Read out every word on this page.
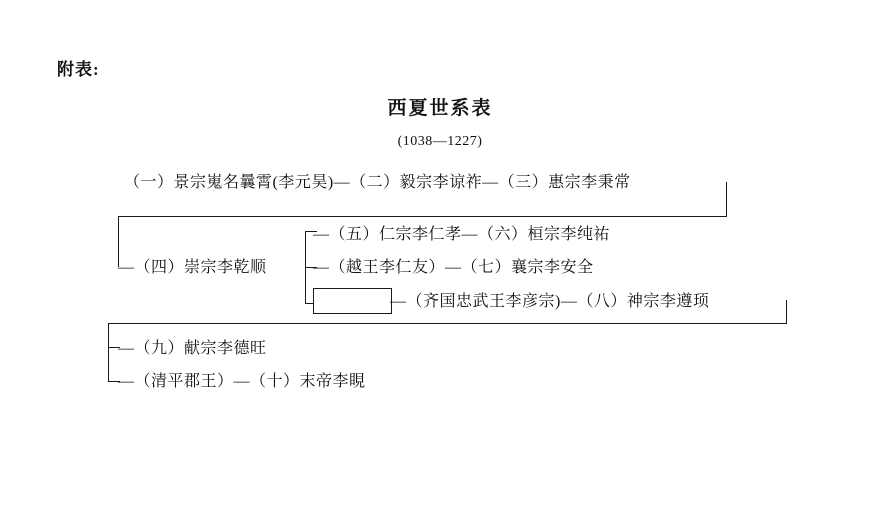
附表:
西夏世系表
(1038—1227)
（一）景宗嵬名曩霄(李元昊)—（二）毅宗李谅祚—（三）惠宗李秉常
—（四）崇宗李乾顺
—（五）仁宗李仁孝—（六）桓宗李纯祐
—（越王李仁友）—（七）襄宗李安全
—（齐国忠武王李彦宗)—（八）神宗李遵顼
—（九）献宗李德旺
—（清平郡王）—（十）末帝李睍
